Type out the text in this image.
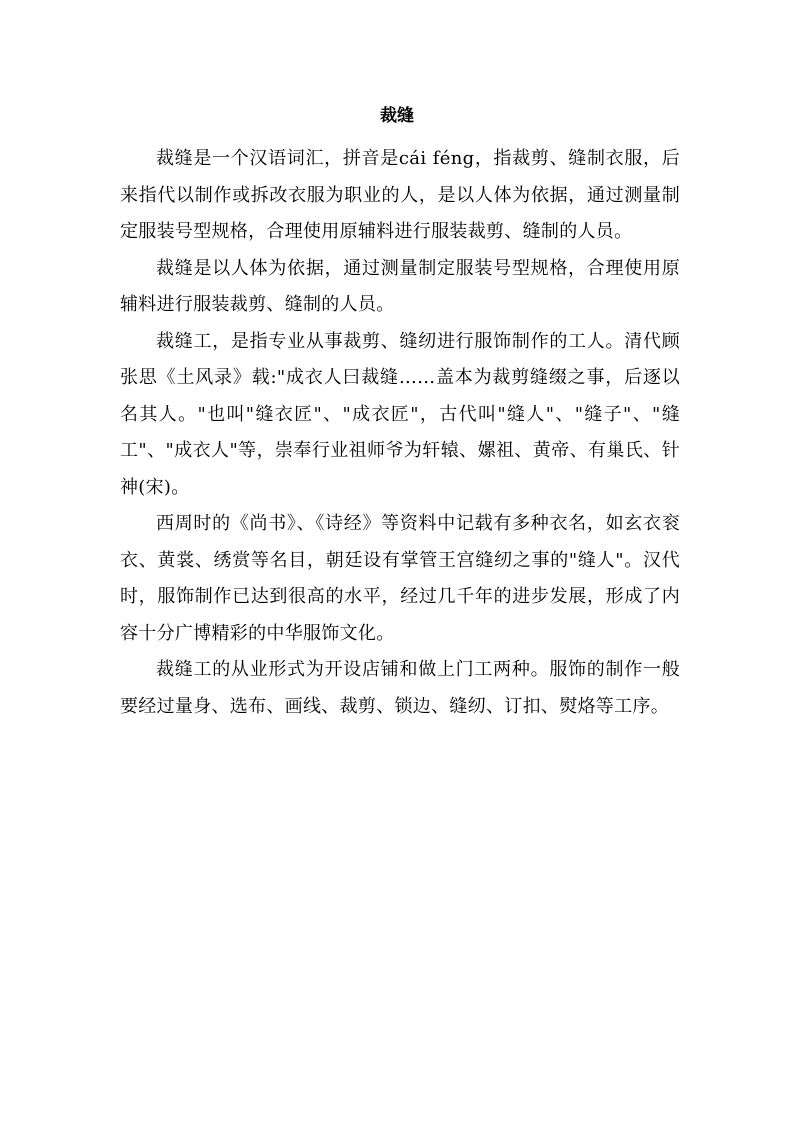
裁缝

裁缝是一个汉语词汇，拼音是cái féng，指裁剪、缝制衣服，后来指代以制作或拆改衣服为职业的人，是以人体为依据，通过测量制定服装号型规格，合理使用原辅料进行服装裁剪、缝制的人员。

裁缝是以人体为依据，通过测量制定服装号型规格，合理使用原辅料进行服装裁剪、缝制的人员。

裁缝工，是指专业从事裁剪、缝纫进行服饰制作的工人。清代顾张思《土风录》载:"成衣人曰裁缝……盖本为裁剪缝缀之事，后逐以名其人。"也叫"缝衣匠"、"成衣匠"，古代叫"缝人"、"缝子"、"缝工"、"成衣人"等，崇奉行业祖师爷为轩辕、嫘祖、黄帝、有巢氏、针神(宋)。

西周时的《尚书》、《诗经》等资料中记载有多种衣名，如玄衣衮衣、黄裳、绣赏等名目，朝廷设有掌管王宫缝纫之事的"缝人"。汉代时，服饰制作已达到很高的水平，经过几千年的进步发展，形成了内容十分广博精彩的中华服饰文化。

裁缝工的从业形式为开设店铺和做上门工两种。服饰的制作一般要经过量身、选布、画线、裁剪、锁边、缝纫、订扣、熨烙等工序。
